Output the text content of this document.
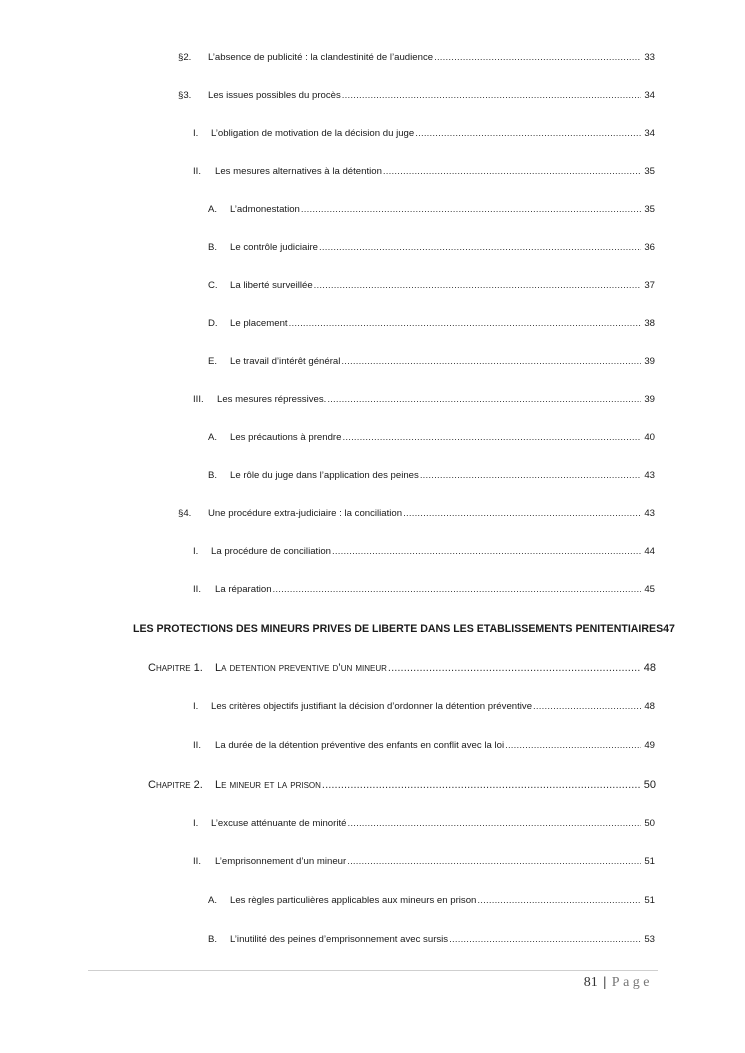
§2.	L’absence de publicité : la clandestinité de l’audience .....	33
§3.	Les issues possibles du procès .....	34
I.	L’obligation de motivation de la décision du juge .....	34
II.	Les mesures alternatives à la détention .....	35
A.	L’admonestation .....	35
B.	Le contrôle judiciaire .....	36
C.	La liberté surveillée .....	37
D.	Le placement .....	38
E.	Le travail d’intérêt général .....	39
III.	Les mesures répressives. .....	39
A.	Les précautions à prendre .....	40
B.	Le rôle du juge dans l’application des peines .....	43
§4.	Une procédure extra-judiciaire : la conciliation .....	43
I.	La procédure de conciliation .....	44
II.	La réparation .....	45
LES PROTECTIONS DES MINEURS PRIVES DE LIBERTE DANS LES ETABLISSEMENTS PENITENTIAIRES 47
Chapitre 1.	La detention preventive d’un mineur .....	48
I.	Les critères objectifs justifiant la décision d’ordonner la détention préventive .....	48
II.	La durée de la détention préventive des enfants en conflit avec la loi .....	49
Chapitre 2.	Le mineur et la prison .....	50
I.	L’excuse atténuante de minorité .....	50
II.	L’emprisonnement d’un mineur .....	51
A.	Les règles particulières applicables aux mineurs en prison .....	51
B.	L’inutilité des peines d’emprisonnement avec sursis .....	53
81 | Page
